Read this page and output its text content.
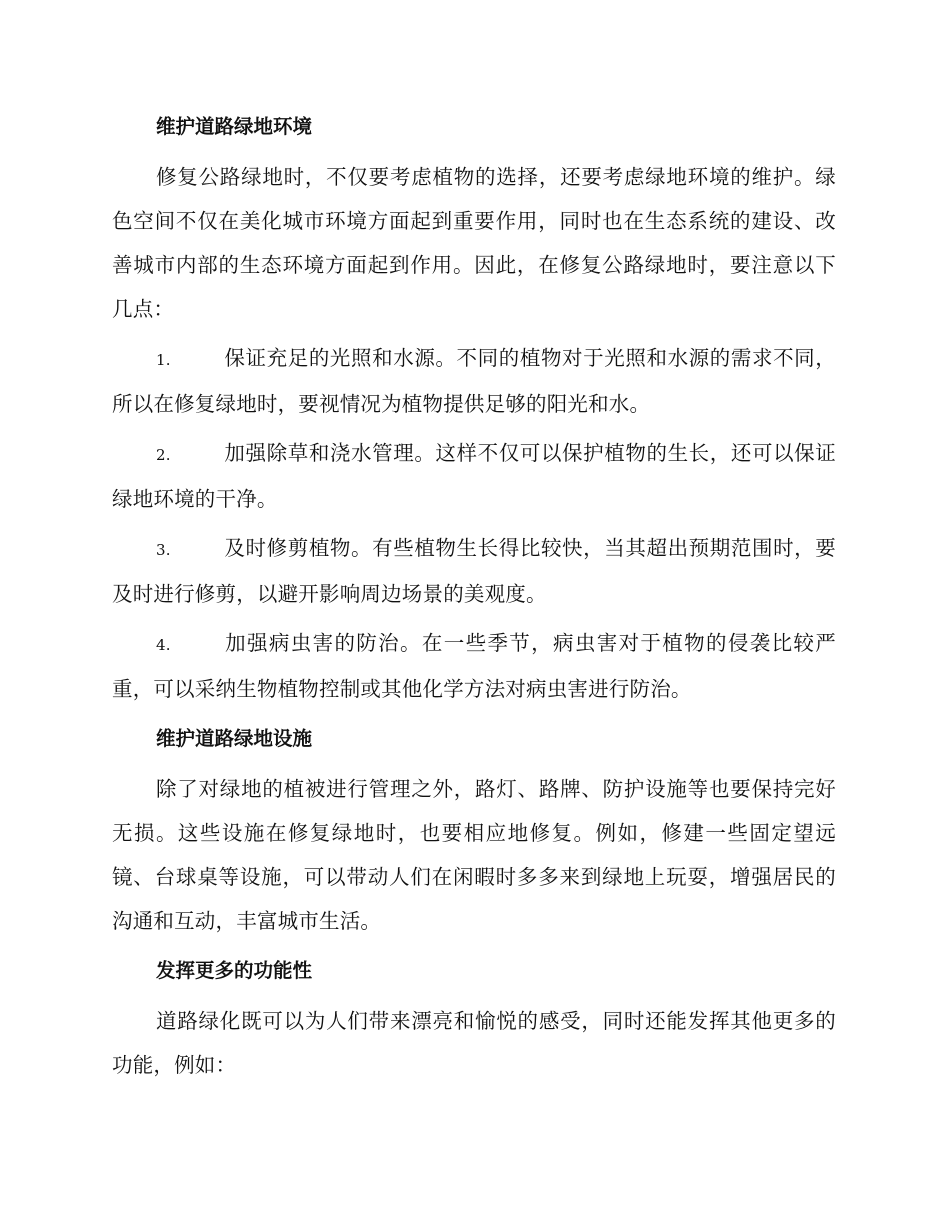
维护道路绿地环境

修复公路绿地时，不仅要考虑植物的选择，还要考虑绿地环境的维护。绿色空间不仅在美化城市环境方面起到重要作用，同时也在生态系统的建设、改善城市内部的生态环境方面起到作用。因此，在修复公路绿地时，要注意以下几点：

1.	保证充足的光照和水源。不同的植物对于光照和水源的需求不同，所以在修复绿地时，要视情况为植物提供足够的阳光和水。

2.	加强除草和浇水管理。这样不仅可以保护植物的生长，还可以保证绿地环境的干净。

3.	及时修剪植物。有些植物生长得比较快，当其超出预期范围时，要及时进行修剪，以避开影响周边场景的美观度。

4.	加强病虫害的防治。在一些季节，病虫害对于植物的侵袭比较严重，可以采纳生物植物控制或其他化学方法对病虫害进行防治。

维护道路绿地设施

除了对绿地的植被进行管理之外，路灯、路牌、防护设施等也要保持完好无损。这些设施在修复绿地时，也要相应地修复。例如，修建一些固定望远镜、台球桌等设施，可以带动人们在闲暇时多多来到绿地上玩耍，增强居民的沟通和互动，丰富城市生活。

发挥更多的功能性

道路绿化既可以为人们带来漂亮和愉悦的感受，同时还能发挥其他更多的功能，例如：
